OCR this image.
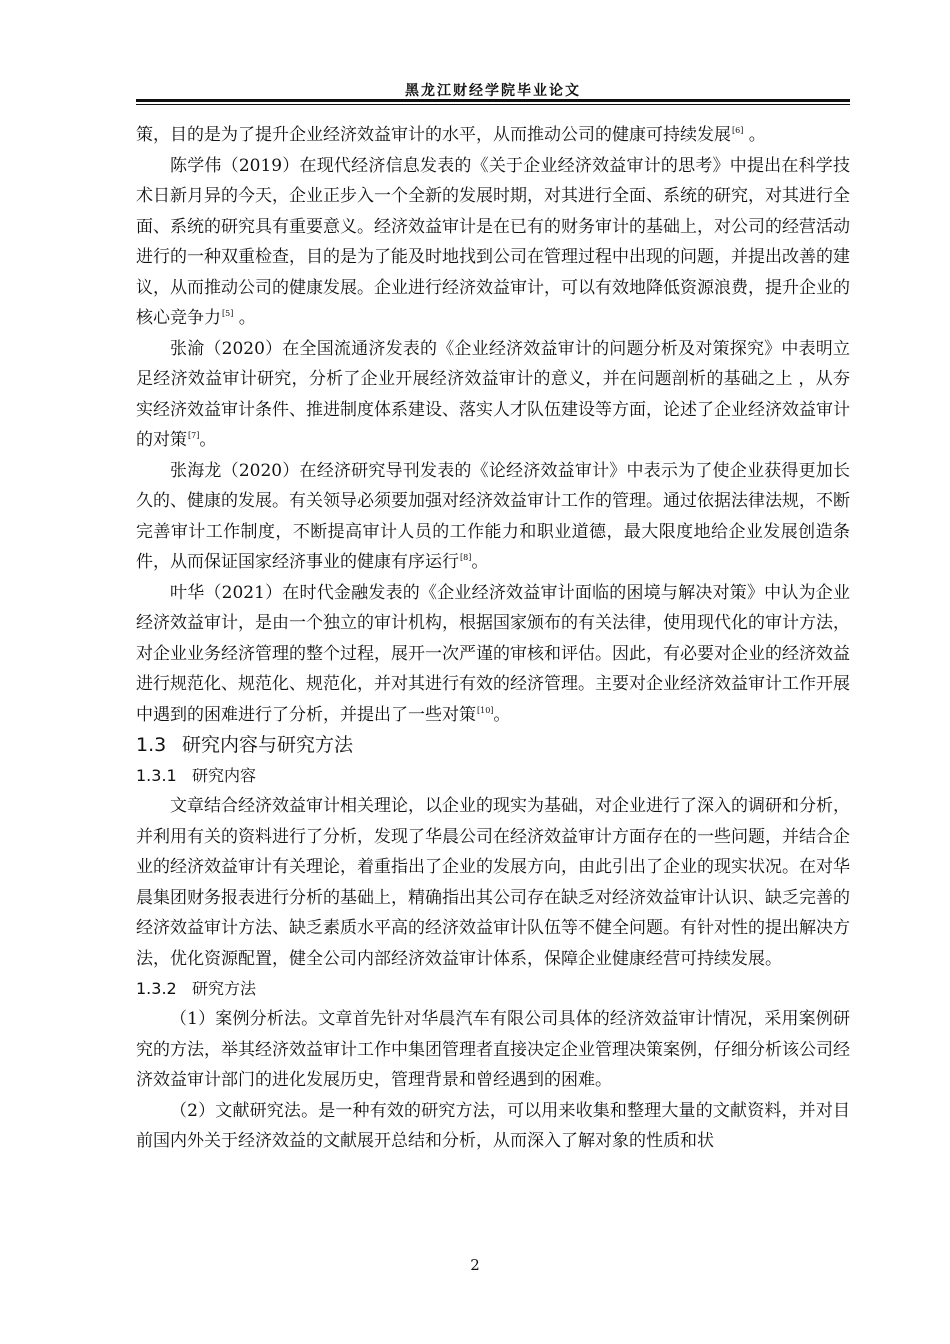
黑龙江财经学院毕业论文

策，目的是为了提升企业经济效益审计的水平，从而推动公司的健康可持续发展[6] 。

陈学伟（2019）在现代经济信息发表的《关于企业经济效益审计的思考》中提出在科学技术日新月异的今天，企业正步入一个全新的发展时期，对其进行全面、系统的研究，对其进行全面、系统的研究具有重要意义。经济效益审计是在已有的财务审计的基础上，对公司的经营活动进行的一种双重检查，目的是为了能及时地找到公司在管理过程中出现的问题，并提出改善的建议，从而推动公司的健康发展。企业进行经济效益审计，可以有效地降低资源浪费，提升企业的核心竞争力[5] 。

张渝（2020）在全国流通济发表的《企业经济效益审计的问题分析及对策探究》中表明立足经济效益审计研究，分析了企业开展经济效益审计的意义，并在问题剖析的基础之上 ，从夯实经济效益审计条件、推进制度体系建设、落实人才队伍建设等方面，论述了企业经济效益审计的对策[7]。

张海龙（2020）在经济研究导刊发表的《论经济效益审计》中表示为了使企业获得更加长久的、健康的发展。有关领导必须要加强对经济效益审计工作的管理。通过依据法律法规，不断完善审计工作制度，不断提高审计人员的工作能力和职业道德，最大限度地给企业发展创造条件，从而保证国家经济事业的健康有序运行[8]。

叶华（2021）在时代金融发表的《企业经济效益审计面临的困境与解决对策》中认为企业经济效益审计，是由一个独立的审计机构，根据国家颁布的有关法律，使用现代化的审计方法，对企业业务经济管理的整个过程，展开一次严谨的审核和评估。因此，有必要对企业的经济效益进行规范化、规范化、规范化，并对其进行有效的经济管理。主要对企业经济效益审计工作开展中遇到的困难进行了分析，并提出了一些对策[10]。

1.3 研究内容与研究方法
1.3.1 研究内容

文章结合经济效益审计相关理论，以企业的现实为基础，对企业进行了深入的调研和分析，并利用有关的资料进行了分析，发现了华晨公司在经济效益审计方面存在的一些问题，并结合企业的经济效益审计有关理论，着重指出了企业的发展方向，由此引出了企业的现实状况。在对华晨集团财务报表进行分析的基础上，精确指出其公司存在缺乏对经济效益审计认识、缺乏完善的经济效益审计方法、缺乏素质水平高的经济效益审计队伍等不健全问题。有针对性的提出解决方法，优化资源配置，健全公司内部经济效益审计体系，保障企业健康经营可持续发展。

1.3.2 研究方法

（1）案例分析法。文章首先针对华晨汽车有限公司具体的经济效益审计情况，采用案例研究的方法，举其经济效益审计工作中集团管理者直接决定企业管理决策案例，仔细分析该公司经济效益审计部门的进化发展历史，管理背景和曾经遇到的困难。

（2）文献研究法。是一种有效的研究方法，可以用来收集和整理大量的文献资料，并对目前国内外关于经济效益的文献展开总结和分析，从而深入了解对象的性质和状

2
